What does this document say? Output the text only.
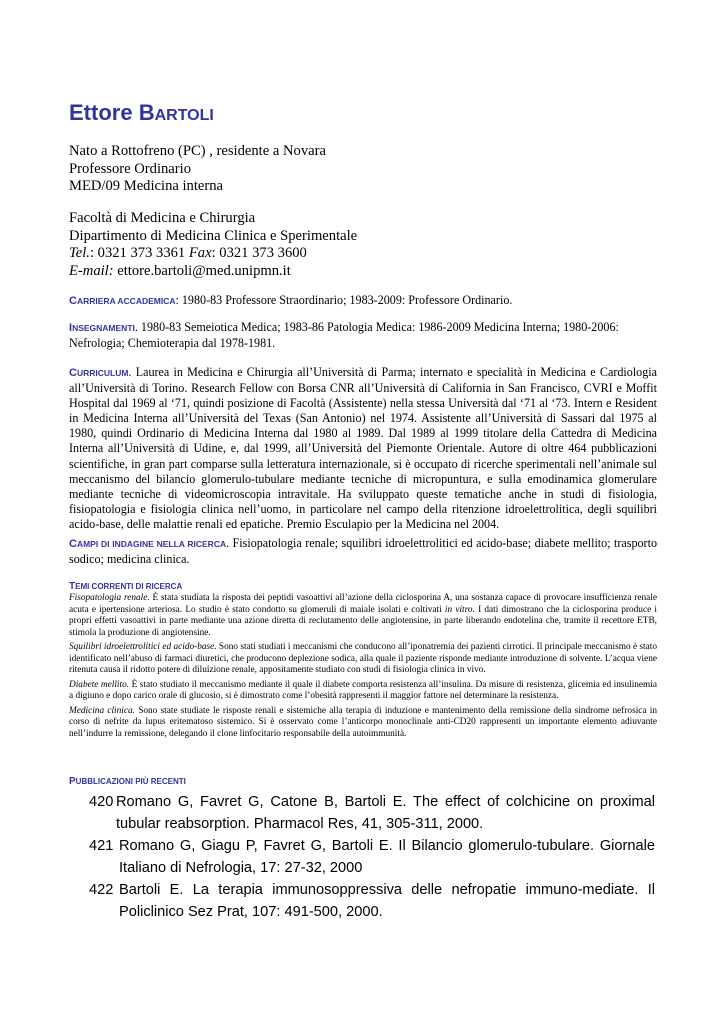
Ettore BARTOLI
Nato a Rottofreno (PC) , residente a Novara
Professore Ordinario
MED/09 Medicina interna
Facoltà di Medicina e Chirurgia
Dipartimento di Medicina Clinica e Sperimentale
Tel.: 0321 373 3361 Fax: 0321 373 3600
E-mail: ettore.bartoli@med.unipmn.it
CARRIERA ACCADEMICA: 1980-83 Professore Straordinario; 1983-2009: Professore Ordinario.
INSEGNAMENTI. 1980-83 Semeiotica Medica; 1983-86 Patologia Medica: 1986-2009 Medicina Interna; 1980-2006:
Nefrologia; Chemioterapia dal 1978-1981.
CURRICULUM. Laurea in Medicina e Chirurgia all’Università di Parma; internato e specialità in Medicina e Cardiologia all’Università di Torino. Research Fellow con Borsa CNR all’Università di California in San Francisco, CVRI e Moffit Hospital dal 1969 al ‘71, quindi posizione di Facoltà (Assistente) nella stessa Università dal ‘71 al ‘73. Intern e Resident in Medicina Interna all’Università del Texas (San Antonio) nel 1974. Assistente all’Università di Sassari dal 1975 al 1980, quindi Ordinario di Medicina Interna dal 1980 al 1989. Dal 1989 al 1999 titolare della Cattedra di Medicina Interna all’Università di Udine, e, dal 1999, all’Università del Piemonte Orientale. Autore di oltre 464 pubblicazioni scientifiche, in gran part comparse sulla letteratura internazionale, si è occupato di ricerche sperimentali nell’animale sul meccanismo del bilancio glomerulo-tubulare mediante tecniche di micropuntura, e sulla emodinamica glomerulare mediante tecniche di videomicroscopia intravitale. Ha sviluppato queste tematiche anche in studi di fisiologia, fisiopatologia e fisiologia clinica nell’uomo, in particolare nel campo della ritenzione idroelettrolitica, degli squilibri acido-base, delle malattie renali ed epatiche. Premio Esculapio per la Medicina nel 2004.
CAMPI DI INDAGINE NELLA RICERCA. Fisiopatologia renale; squilibri idroelettrolitici ed acido-base; diabete mellito; trasporto sodico; medicina clinica.
TEMI CORRENTI DI RICERCA
Fisopatologia renale. È stata studiata la risposta dei peptidi vasoattivi all’azione della ciclosporina A, una sostanza capace di provocare insufficienza renale acuta e ipertensione arteriosa. Lo studio è stato condotto su glomeruli di maiale isolati e coltivati in vitro. I dati dimostrano che la ciclosporina produce i propri effetti vasoattivi in parte mediante una azione diretta di reclutamento delle angiotensine, in parte liberando endotelina che, tramite il recettore ETB, stimola la produzione di angiotensine.
Squilibri idroelettrolitici ed acido-base. Sono stati studiati i meccanismi che conducono all’iponatremia dei pazienti cirrotici. Il principale meccanismo è stato identificato nell’abuso di farmaci diuretici, che producono deplezione sodica, alla quale il paziente risponde mediante introduzione di solvente. L’acqua viene ritenuta causa il ridotto potere di diluizione renale, appositamente studiato con studi di fisiologia clinica in vivo.
Diabete mellito. È stato studiato il meccanismo mediante il quale il diabete comporta resistenza all’insulina. Da misure di resistenza, glicemia ed insulinemia a digiuno e dopo carico orale di glucosio, si è dimostrato come l’obesità rappresenti il maggior fattore nel determinare la resistenza.
Medicina clinica. Sono state studiate le risposte renali e sistemiche alla terapia di induzione e mantenimento della remissione della sindrome nefrosica in corso di nefrite da lupus eritematoso sistemico. Si è osservato come l’anticorpo monoclinale anti-CD20 rappresenti un importante elemento adiuvante nell’indurre la remissione, delegando il clone linfocitario responsabile della autoimmunità.
PUBBLICAZIONI PIÙ RECENTI
420 Romano G, Favret G, Catone B, Bartoli E. The effect of colchicine on proximal tubular reabsorption. Pharmacol Res, 41, 305-311, 2000.
421 Romano G, Giagu P, Favret G, Bartoli E. Il Bilancio glomerulo-tubulare. Giornale Italiano di Nefrologia, 17: 27-32, 2000
422 Bartoli E. La terapia immunosoppressiva delle nefropatie immuno-mediate. Il Policlinico Sez Prat, 107: 491-500, 2000.
